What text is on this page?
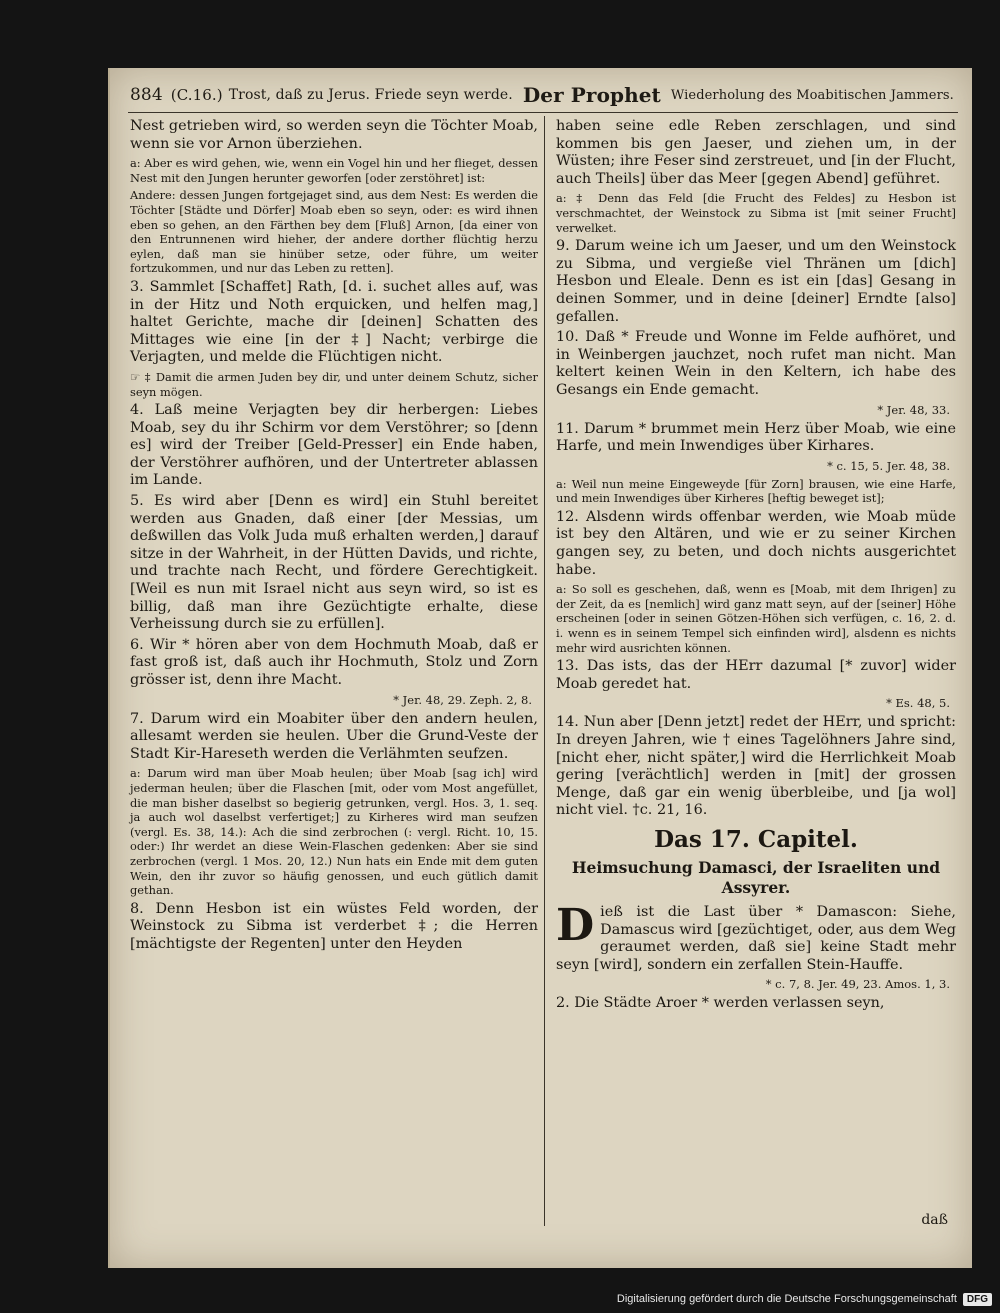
884 (C.16.) Trost, daß zu Jerus. Friede seyn werde. Der Prophet Wiederholung des Moabitischen Jammers.

Nest getrieben wird, so werden seyn die Töchter Moab, wenn sie vor Arnon überziehen.

a: Aber es wird gehen, wie, wenn ein Vogel hin und her flieget, dessen Nest mit den Jungen herunter geworfen [oder zerstöhret] ist:

Andere: dessen Jungen fortgejaget sind, aus dem Nest: Es werden die Töchter [Städte und Dörfer] Moab eben so seyn, oder: es wird ihnen eben so gehen, an den Färthen bey dem [Fluß] Arnon, [da einer von den Entrunnenen wird hieher, der andere dorther flüchtig herzu eylen, daß man sie hinüber setze, oder führe, um weiter fortzukommen, und nur das Leben zu retten].

3. Sammlet [Schaffet] Rath, [d. i. suchet alles auf, was in der Hitz und Noth erquicken, und helfen mag,] haltet Gerichte, mache dir [deinen] Schatten des Mittages wie eine [in der ‡] Nacht; verbirge die Verjagten, und melde die Flüchtigen nicht.

☞ ‡ Damit die armen Juden bey dir, und unter deinem Schutz, sicher seyn mögen.

4. Laß meine Verjagten bey dir herbergen: Liebes Moab, sey du ihr Schirm vor dem Verstöhrer; so [denn es] wird der Treiber [Geld-Presser] ein Ende haben, der Verstöhrer aufhören, und der Untertreter ablassen im Lande.

5. Es wird aber [Denn es wird] ein Stuhl bereitet werden aus Gnaden, daß einer [der Messias, um deßwillen das Volk Juda muß erhalten werden,] darauf sitze in der Wahrheit, in der Hütten Davids, und richte, und trachte nach Recht, und fördere Gerechtigkeit. [Weil es nun mit Israel nicht aus seyn wird, so ist es billig, daß man ihre Gezüchtigte erhalte, diese Verheissung durch sie zu erfüllen].

6. Wir * hören aber von dem Hochmuth Moab, daß er fast groß ist, daß auch ihr Hochmuth, Stolz und Zorn grösser ist, denn ihre Macht.

* Jer. 48, 29. Zeph. 2, 8.

7. Darum wird ein Moabiter über den andern heulen, allesamt werden sie heulen. Uber die Grund-Veste der Stadt Kir-Hareseth werden die Verlähmten seufzen.

a: Darum wird man über Moab heulen; über Moab [sag ich] wird jederman heulen; über die Flaschen [mit, oder vom Most angefüllet, die man bisher daselbst so begierig getrunken, vergl. Hos. 3, 1. seq. ja auch wol daselbst verfertiget;] zu Kirheres wird man seufzen (vergl. Es. 38, 14.): Ach die sind zerbrochen (: vergl. Richt. 10, 15. oder:) Ihr werdet an diese Wein-Flaschen gedenken: Aber sie sind zerbrochen (vergl. 1 Mos. 20, 12.) Nun hats ein Ende mit dem guten Wein, den ihr zuvor so häufig genossen, und euch gütlich damit gethan.

8. Denn Hesbon ist ein wüstes Feld worden, der Weinstock zu Sibma ist verderbet ‡; die Herren [mächtigste der Regenten] unter den Heyden

haben seine edle Reben zerschlagen, und sind kommen bis gen Jaeser, und ziehen um, in der Wüsten; ihre Feser sind zerstreuet, und [in der Flucht, auch Theils] über das Meer [gegen Abend] geführet.

a: ‡ Denn das Feld [die Frucht des Feldes] zu Hesbon ist verschmachtet, der Weinstock zu Sibma ist [mit seiner Frucht] verwelket.

9. Darum weine ich um Jaeser, und um den Weinstock zu Sibma, und vergieße viel Thränen um [dich] Hesbon und Eleale. Denn es ist ein [das] Gesang in deinen Sommer, und in deine [deiner] Erndte [also] gefallen.

10. Daß * Freude und Wonne im Felde aufhöret, und in Weinbergen jauchzet, noch rufet man nicht. Man keltert keinen Wein in den Keltern, ich habe des Gesangs ein Ende gemacht.

* Jer. 48, 33.

11. Darum * brummet mein Herz über Moab, wie eine Harfe, und mein Inwendiges über Kirhares.

* c. 15, 5. Jer. 48, 38.

a: Weil nun meine Eingeweyde [für Zorn] brausen, wie eine Harfe, und mein Inwendiges über Kirheres [heftig beweget ist];

12. Alsdenn wirds offenbar werden, wie Moab müde ist bey den Altären, und wie er zu seiner Kirchen gangen sey, zu beten, und doch nichts ausgerichtet habe.

a: So soll es geschehen, daß, wenn es [Moab, mit dem Ihrigen] zu der Zeit, da es [nemlich] wird ganz matt seyn, auf der [seiner] Höhe erscheinen [oder in seinen Götzen-Höhen sich verfügen, c. 16, 2. d. i. wenn es in seinem Tempel sich einfinden wird], alsdenn es nichts mehr wird ausrichten können.

13. Das ists, das der HErr dazumal [* zuvor] wider Moab geredet hat.

* Es. 48, 5.

14. Nun aber [Denn jetzt] redet der HErr, und spricht: In dreyen Jahren, wie † eines Tagelöhners Jahre sind, [nicht eher, nicht später,] wird die Herrlichkeit Moab gering [verächtlich] werden in [mit] der grossen Menge, daß gar ein wenig überbleibe, und [ja wol] nicht viel. †c. 21, 16.

Das 17. Capitel.
Heimsuchung Damasci, der Israeliten und Assyrer.

Dieß ist die Last über * Damascon: Siehe, Damascus wird [gezüchtiget, oder, aus dem Weg geraumet werden, daß sie] keine Stadt mehr seyn [wird], sondern ein zerfallen Stein-Hauffe.

* c. 7, 8. Jer. 49, 23. Amos. 1, 3.

2. Die Städte Aroer * werden verlassen seyn,

daß
Digitalisierung gefördert durch die Deutsche Forschungsgemeinschaft	DFG
